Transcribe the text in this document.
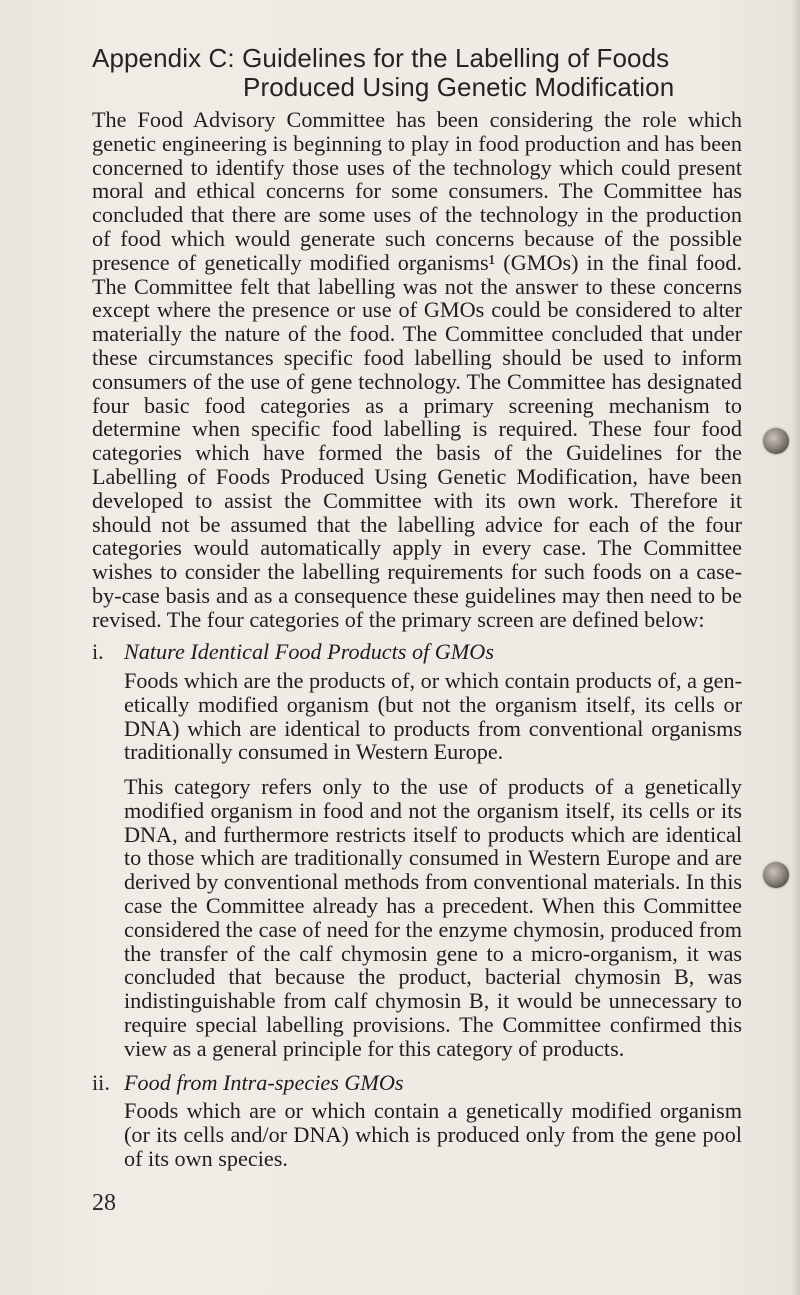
Appendix C: Guidelines for the Labelling of Foods
Produced Using Genetic Modification

The Food Advisory Committee has been considering the role which genetic engineering is beginning to play in food production and has been concerned to identify those uses of the technology which could present moral and ethical concerns for some consumers. The Committee has concluded that there are some uses of the technology in the production of food which would generate such concerns because of the possible presence of genetically modified organisms¹ (GMOs) in the final food. The Committee felt that labelling was not the answer to these concerns except where the presence or use of GMOs could be considered to alter materially the nature of the food. The Committee concluded that under these circumstances specific food labelling should be used to inform consumers of the use of gene technology. The Committee has designated four basic food categories as a primary screening mechanism to determine when specific food labelling is required. These four food categories which have formed the basis of the Guidelines for the Labelling of Foods Produced Using Genetic Modification, have been developed to assist the Committee with its own work. Therefore it should not be assumed that the labelling advice for each of the four categories would automatically apply in every case. The Committee wishes to consider the labelling requirements for such foods on a case-by-case basis and as a consequence these guidelines may then need to be revised. The four categories of the primary screen are defined below:

i. Nature Identical Food Products of GMOs

Foods which are the products of, or which contain products of, a genetically modified organism (but not the organism itself, its cells or DNA) which are identical to products from conventional organisms traditionally consumed in Western Europe.

This category refers only to the use of products of a genetically modified organism in food and not the organism itself, its cells or its DNA, and furthermore restricts itself to products which are identical to those which are traditionally consumed in Western Europe and are derived by conventional methods from conventional materials. In this case the Committee already has a precedent. When this Committee considered the case of need for the enzyme chymosin, produced from the transfer of the calf chymosin gene to a micro-organism, it was concluded that because the product, bacterial chymosin B, was indistinguishable from calf chymosin B, it would be unnecessary to require special labelling provisions. The Committee confirmed this view as a general principle for this category of products.

ii. Food from Intra-species GMOs

Foods which are or which contain a genetically modified organism (or its cells and/or DNA) which is produced only from the gene pool of its own species.

28
